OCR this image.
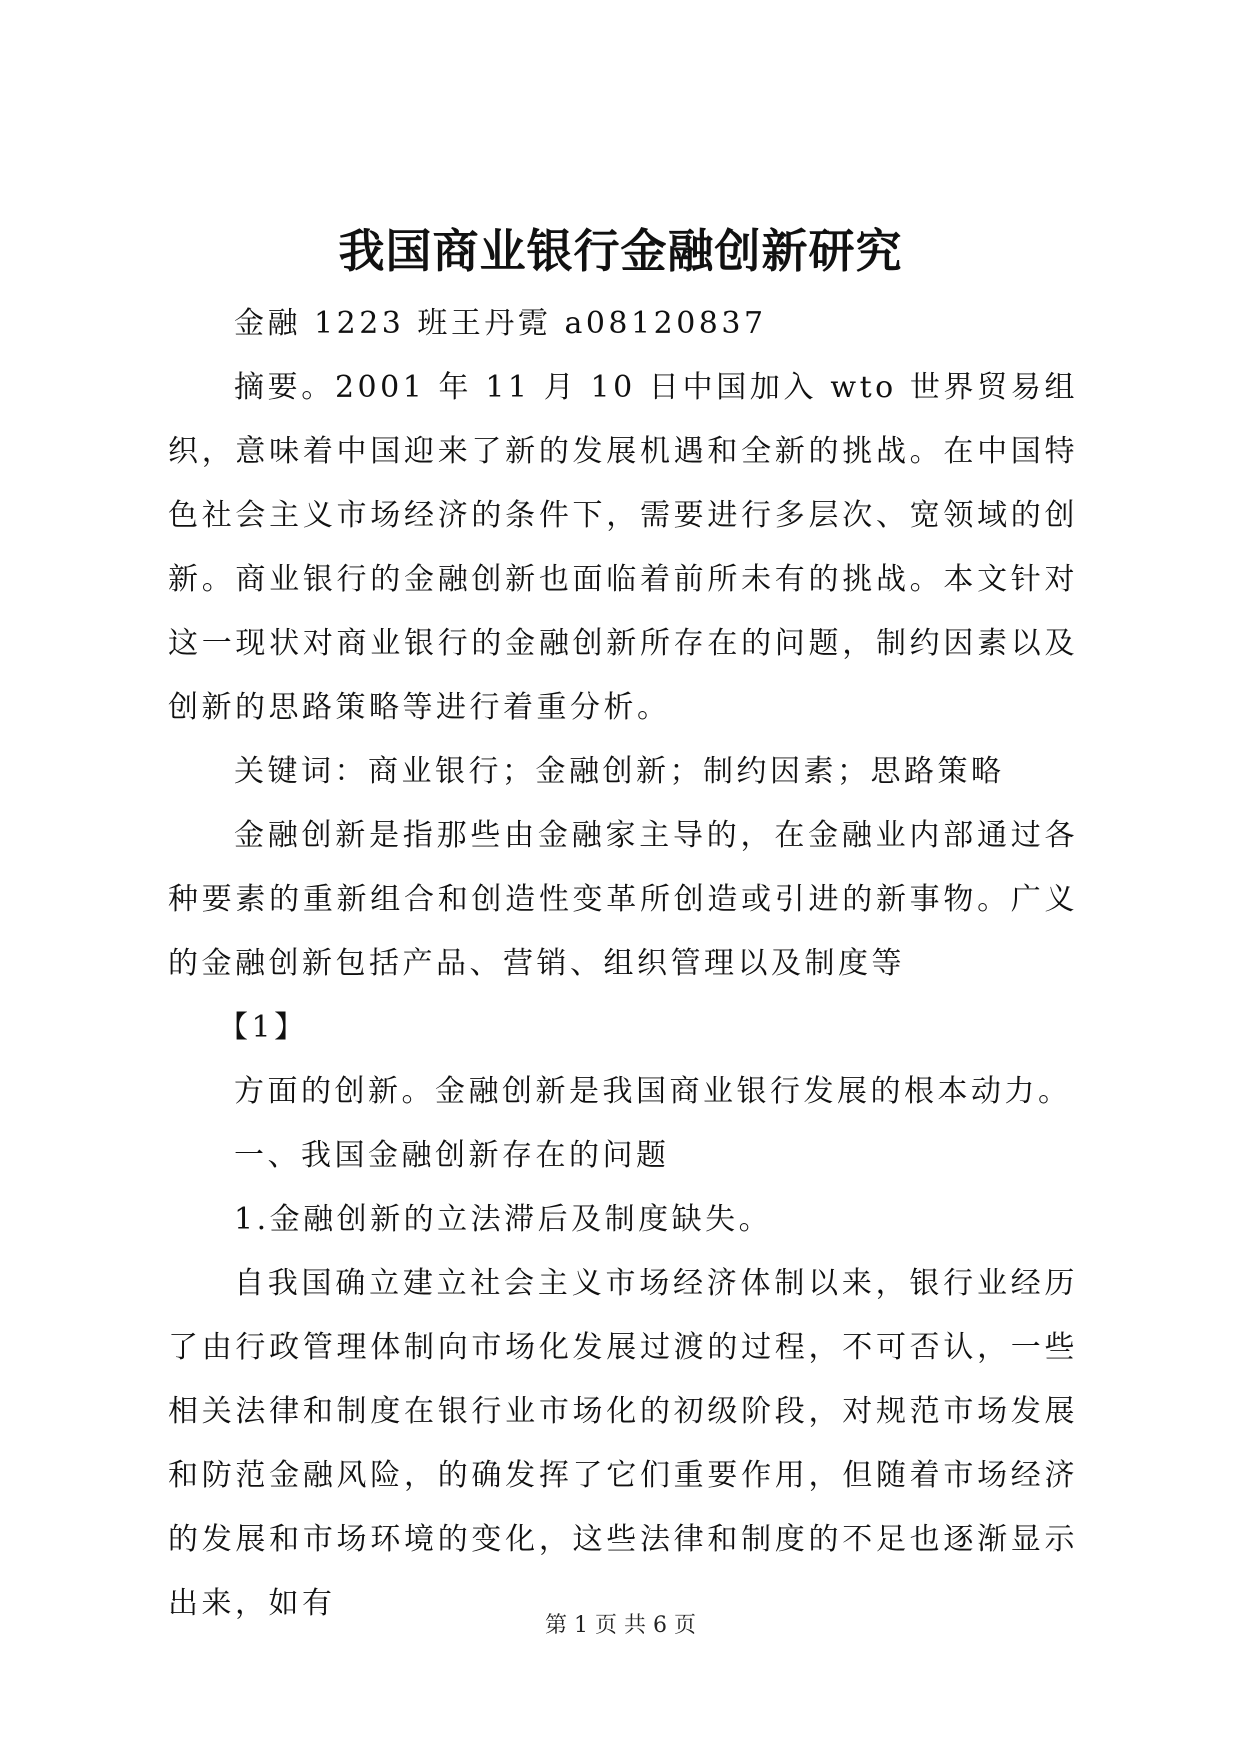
我国商业银行金融创新研究

金融 1223 班王丹霓 a08120837

摘要。2001 年 11 月 10 日中国加入 wto 世界贸易组织，意味着中国迎来了新的发展机遇和全新的挑战。在中国特色社会主义市场经济的条件下，需要进行多层次、宽领域的创新。商业银行的金融创新也面临着前所未有的挑战。本文针对这一现状对商业银行的金融创新所存在的问题，制约因素以及创新的思路策略等进行着重分析。

关键词：商业银行；金融创新；制约因素；思路策略

金融创新是指那些由金融家主导的，在金融业内部通过各种要素的重新组合和创造性变革所创造或引进的新事物。广义的金融创新包括产品、营销、组织管理以及制度等

【1】

方面的创新。金融创新是我国商业银行发展的根本动力。

一、我国金融创新存在的问题

1.金融创新的立法滞后及制度缺失。

自我国确立建立社会主义市场经济体制以来，银行业经历了由行政管理体制向市场化发展过渡的过程，不可否认，一些相关法律和制度在银行业市场化的初级阶段，对规范市场发展和防范金融风险，的确发挥了它们重要作用，但随着市场经济的发展和市场环境的变化，这些法律和制度的不足也逐渐显示出来，如有

第 1 页 共 6 页
